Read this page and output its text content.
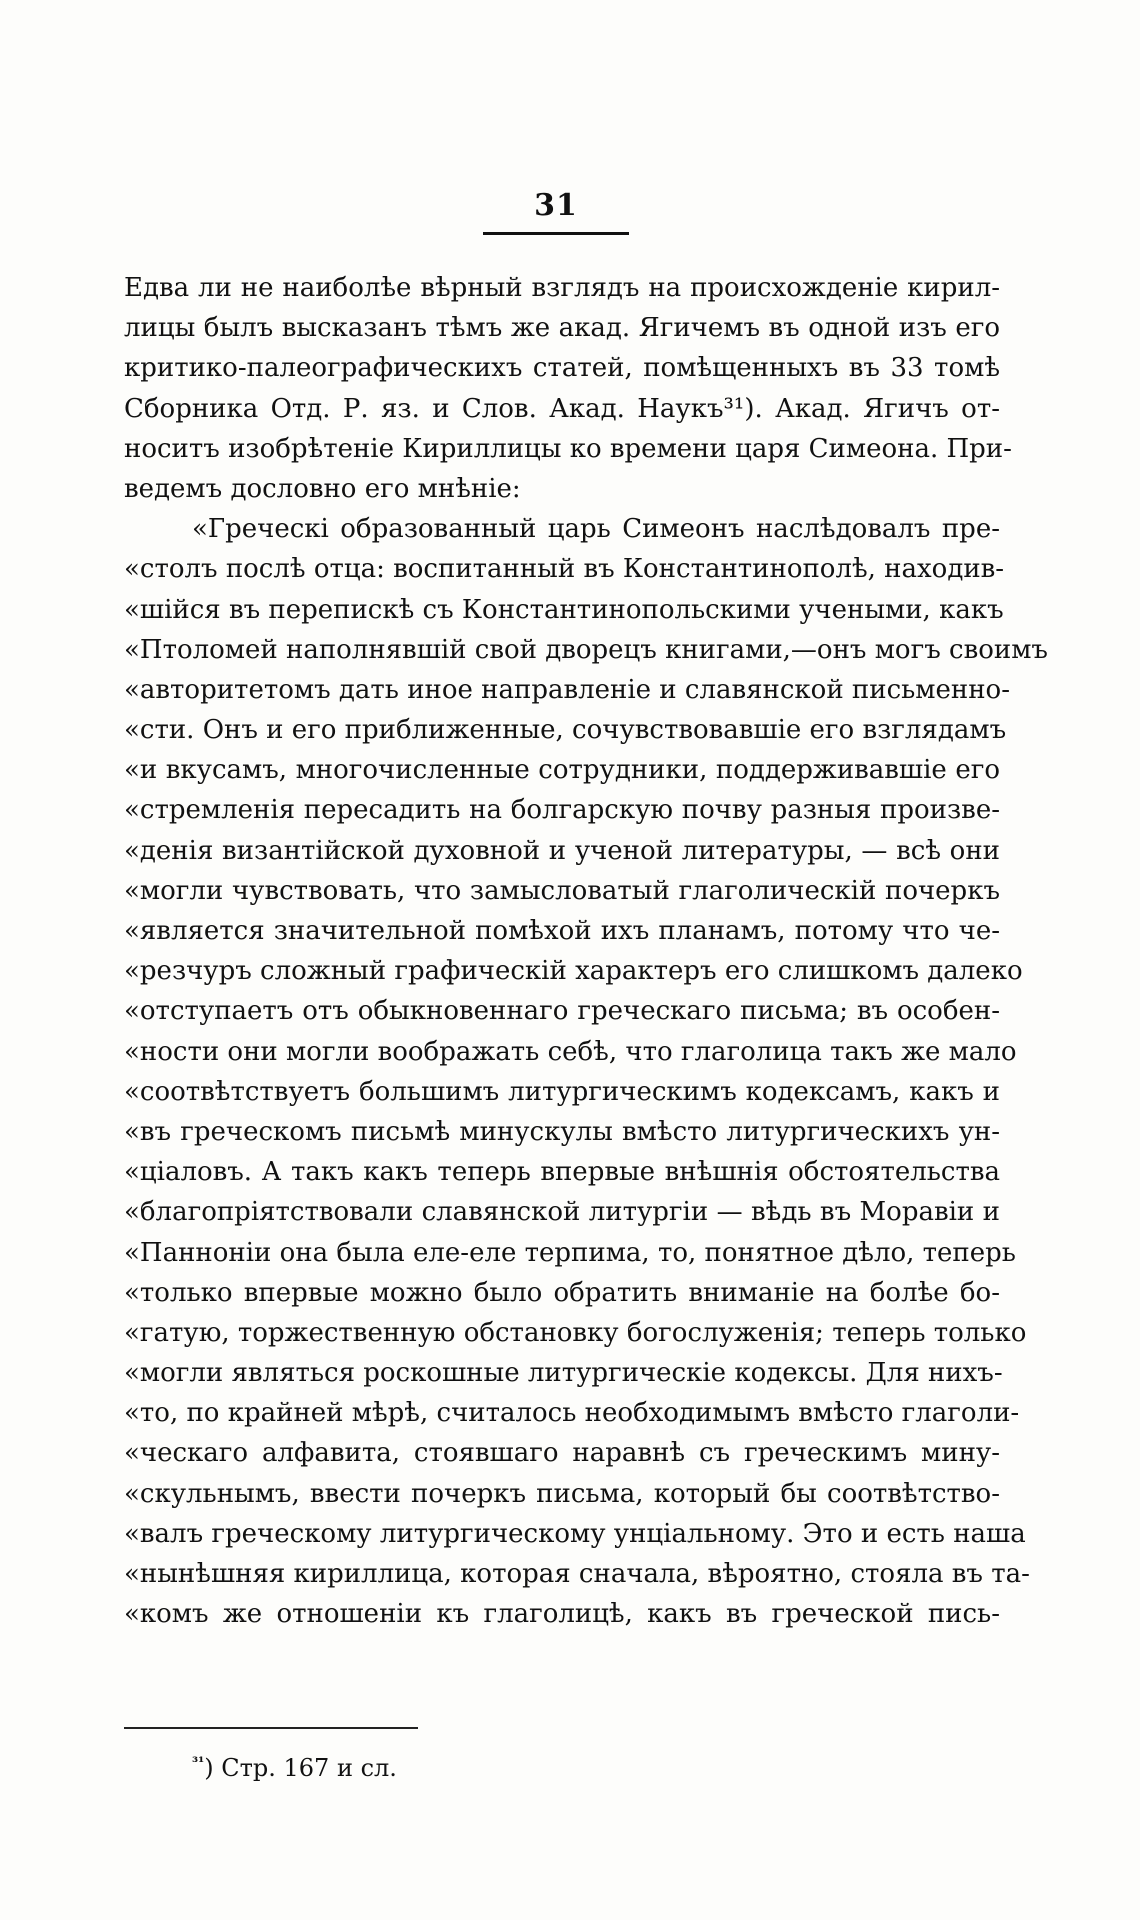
31
Едва ли не наиболѣе вѣрный взглядъ на происхожденіе кирил-
лицы былъ высказанъ тѣмъ же акад. Ягичемъ въ одной изъ его
критико-палеографическихъ статей, помѣщенныхъ въ 33 томѣ
Сборника Отд. Р. яз. и Слов. Акад. Наукъ³¹). Акад. Ягичъ от-
носитъ изобрѣтеніе Кириллицы ко времени царя Симеона. При-
ведемъ дословно его мнѣніе:
«Греческі образованный царь Симеонъ наслѣдовалъ пре-
«столъ послѣ отца: воспитанный въ Константинополѣ, находив-
«шійся въ перепискѣ съ Константинопольскими учеными, какъ
«Птоломей наполнявшій свой дворецъ книгами,—онъ могъ своимъ
«авторитетомъ дать иное направленіе и славянской письменно-
«сти. Онъ и его приближенные, сочувствовавшіе его взглядамъ
«и вкусамъ, многочисленные сотрудники, поддерживавшіе его
«стремленія пересадить на болгарскую почву разныя произве-
«денія византійской духовной и ученой литературы, — всѣ они
«могли чувствовать, что замысловатый глаголическій почеркъ
«является значительной помѣхой ихъ планамъ, потому что че-
«резчуръ сложный графическій характеръ его слишкомъ далеко
«отступаетъ отъ обыкновеннаго греческаго письма; въ особен-
«ности они могли воображать себѣ, что глаголица такъ же мало
«соотвѣтствуетъ большимъ литургическимъ кодексамъ, какъ и
«въ греческомъ письмѣ минускулы вмѣсто литургическихъ ун-
«ціаловъ. А такъ какъ теперь впервые внѣшнія обстоятельства
«благопріятствовали славянской литургіи — вѣдь въ Моравіи и
«Панноніи она была еле-еле терпима, то, понятное дѣло, теперь
«только впервые можно было обратить вниманіе на болѣе бо-
«гатую, торжественную обстановку богослуженія; теперь только
«могли являться роскошные литургическіе кодексы. Для нихъ-
«то, по крайней мѣрѣ, считалось необходимымъ вмѣсто глаголи-
«ческаго алфавита, стоявшаго наравнѣ съ греческимъ мину-
«скульнымъ, ввести почеркъ письма, который бы соотвѣтство-
«валъ греческому литургическому унціальному. Это и есть наша
«нынѣшняя кириллица, которая сначала, вѣроятно, стояла въ та-
«комъ же отношеніи къ глаголицѣ, какъ въ греческой пись-
$^{^{31}}$) Стр. 167 и сл.
